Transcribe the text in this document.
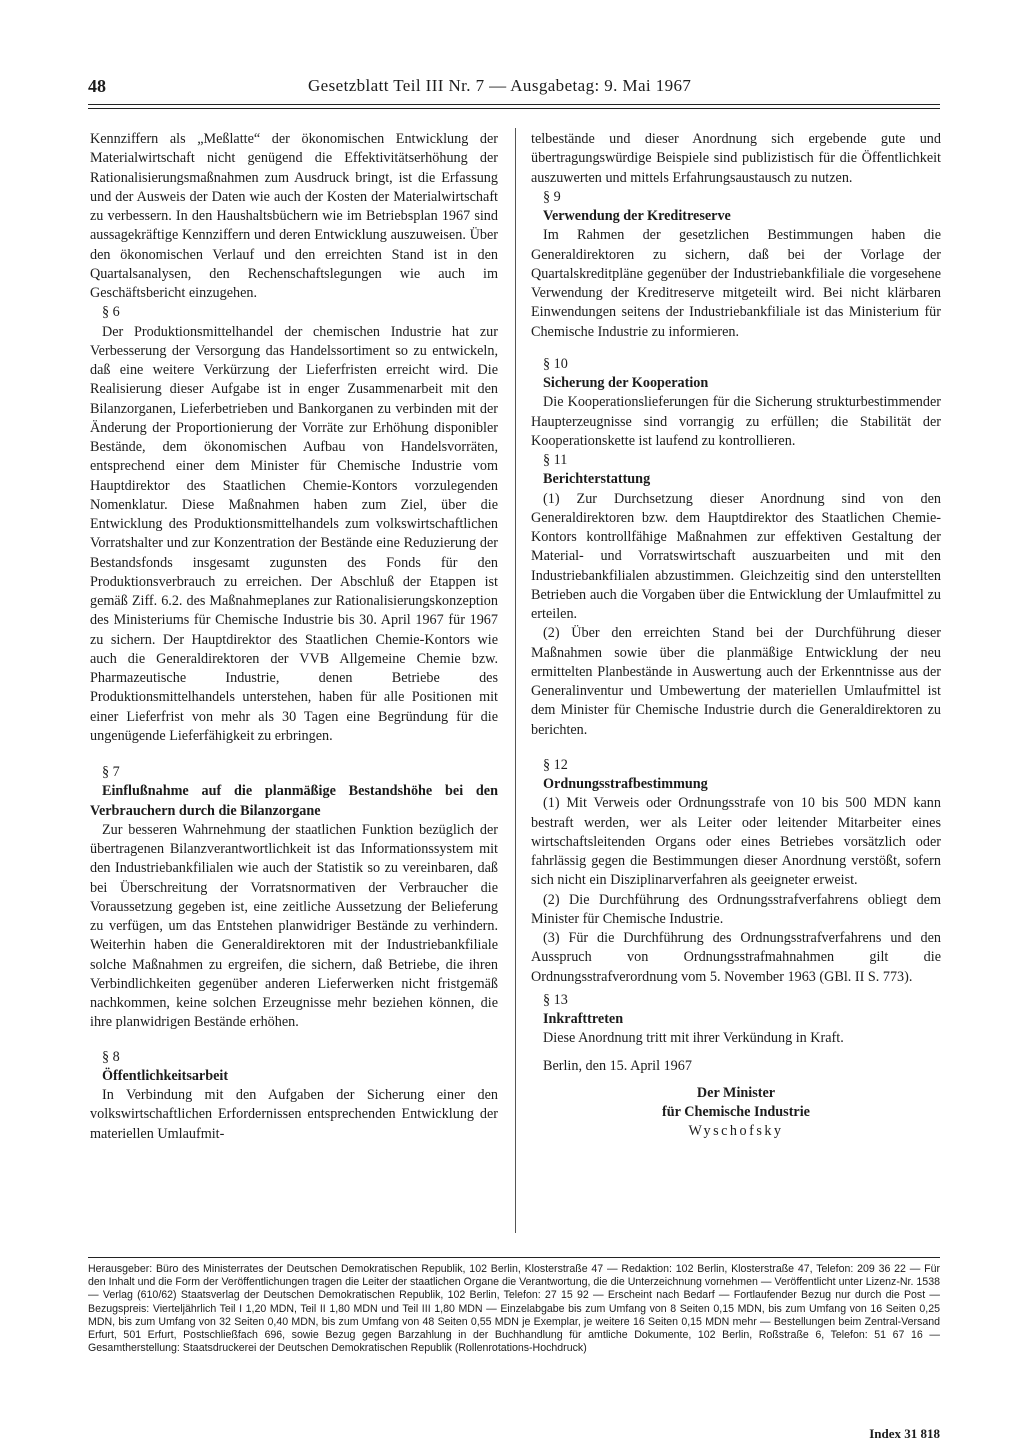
48	Gesetzblatt Teil III Nr. 7 — Ausgabetag: 9. Mai 1967

Kennziffern als „Meßlatte“ der ökonomischen Entwicklung der Materialwirtschaft nicht genügend die Effektivitätserhöhung der Rationalisierungsmaßnahmen zum Ausdruck bringt, ist die Erfassung und der Ausweis der Daten wie auch der Kosten der Materialwirtschaft zu verbessern. In den Haushaltsbüchern wie im Betriebsplan 1967 sind aussagekräftige Kennziffern und deren Entwicklung auszuweisen. Über den ökonomischen Verlauf und den erreichten Stand ist in den Quartalsanalysen, den Rechenschaftslegungen wie auch im Geschäftsbericht einzugehen.

§ 6

Der Produktionsmittelhandel der chemischen Industrie hat zur Verbesserung der Versorgung das Handelssortiment so zu entwickeln, daß eine weitere Verkürzung der Lieferfristen erreicht wird. Die Realisierung dieser Aufgabe ist in enger Zusammenarbeit mit den Bilanzorganen, Lieferbetrieben und Bankorganen zu verbinden mit der Änderung der Proportionierung der Vorräte zur Erhöhung disponibler Bestände, dem ökonomischen Aufbau von Handelsvorräten, entsprechend einer dem Minister für Chemische Industrie vom Hauptdirektor des Staatlichen Chemie-Kontors vorzulegenden Nomenklatur. Diese Maßnahmen haben zum Ziel, über die Entwicklung des Produktionsmittelhandels zum volkswirtschaftlichen Vorratshalter und zur Konzentration der Bestände eine Reduzierung der Bestandsfonds insgesamt zugunsten des Fonds für den Produktionsverbrauch zu erreichen. Der Abschluß der Etappen ist gemäß Ziff. 6.2. des Maßnahmeplanes zur Rationalisierungskonzeption des Ministeriums für Chemische Industrie bis 30. April 1967 für 1967 zu sichern. Der Hauptdirektor des Staatlichen Chemie-Kontors wie auch die Generaldirektoren der VVB Allgemeine Chemie bzw. Pharmazeutische Industrie, denen Betriebe des Produktionsmittelhandels unterstehen, haben für alle Positionen mit einer Lieferfrist von mehr als 30 Tagen eine Begründung für die ungenügende Lieferfähigkeit zu erbringen.

§ 7

Einflußnahme auf die planmäßige Bestandshöhe bei den Verbrauchern durch die Bilanzorgane

Zur besseren Wahrnehmung der staatlichen Funktion bezüglich der übertragenen Bilanzverantwortlichkeit ist das Informationssystem mit den Industriebankfilialen wie auch der Statistik so zu vereinbaren, daß bei Überschreitung der Vorratsnormativen der Verbraucher die Voraussetzung gegeben ist, eine zeitliche Aussetzung der Belieferung zu verfügen, um das Entstehen planwidriger Bestände zu verhindern. Weiterhin haben die Generaldirektoren mit der Industriebankfiliale solche Maßnahmen zu ergreifen, die sichern, daß Betriebe, die ihren Verbindlichkeiten gegenüber anderen Lieferwerken nicht fristgemäß nachkommen, keine solchen Erzeugnisse mehr beziehen können, die ihre planwidrigen Bestände erhöhen.

§ 8

Öffentlichkeitsarbeit

In Verbindung mit den Aufgaben der Sicherung einer den volkswirtschaftlichen Erfordernissen entsprechenden Entwicklung der materiellen Umlaufmit-

telbestände und dieser Anordnung sich ergebende gute und übertragungswürdige Beispiele sind publizistisch für die Öffentlichkeit auszuwerten und mittels Erfahrungsaustausch zu nutzen.

§ 9

Verwendung der Kreditreserve

Im Rahmen der gesetzlichen Bestimmungen haben die Generaldirektoren zu sichern, daß bei der Vorlage der Quartalskreditpläne gegenüber der Industriebankfiliale die vorgesehene Verwendung der Kreditreserve mitgeteilt wird. Bei nicht klärbaren Einwendungen seitens der Industriebankfiliale ist das Ministerium für Chemische Industrie zu informieren.

§ 10

Sicherung der Kooperation

Die Kooperationslieferungen für die Sicherung strukturbestimmender Haupterzeugnisse sind vorrangig zu erfüllen; die Stabilität der Kooperationskette ist laufend zu kontrollieren.

§ 11

Berichterstattung

(1) Zur Durchsetzung dieser Anordnung sind von den Generaldirektoren bzw. dem Hauptdirektor des Staatlichen Chemie-Kontors kontrollfähige Maßnahmen zur effektiven Gestaltung der Material- und Vorratswirtschaft auszuarbeiten und mit den Industriebankfilialen abzustimmen. Gleichzeitig sind den unterstellten Betrieben auch die Vorgaben über die Entwicklung der Umlaufmittel zu erteilen.

(2) Über den erreichten Stand bei der Durchführung dieser Maßnahmen sowie über die planmäßige Entwicklung der neu ermittelten Planbestände in Auswertung auch der Erkenntnisse aus der Generalinventur und Umbewertung der materiellen Umlaufmittel ist dem Minister für Chemische Industrie durch die Generaldirektoren zu berichten.

§ 12

Ordnungsstrafbestimmung

(1) Mit Verweis oder Ordnungsstrafe von 10 bis 500 MDN kann bestraft werden, wer als Leiter oder leitender Mitarbeiter eines wirtschaftsleitenden Organs oder eines Betriebes vorsätzlich oder fahrlässig gegen die Bestimmungen dieser Anordnung verstößt, sofern sich nicht ein Disziplinarverfahren als geeigneter erweist.

(2) Die Durchführung des Ordnungsstrafverfahrens obliegt dem Minister für Chemische Industrie.

(3) Für die Durchführung des Ordnungsstrafverfahrens und den Ausspruch von Ordnungsstrafmahnahmen gilt die Ordnungsstrafverordnung vom 5. November 1963 (GBl. II S. 773).

§ 13

Inkrafttreten

Diese Anordnung tritt mit ihrer Verkündung in Kraft.

Berlin, den 15. April 1967

Der Minister

für Chemische Industrie

Wyschofsky

Herausgeber: Büro des Ministerrates der Deutschen Demokratischen Republik, 102 Berlin, Klosterstraße 47 — Redaktion: 102 Berlin, Klosterstraße 47, Telefon: 209 36 22 — Für den Inhalt und die Form der Veröffentlichungen tragen die Leiter der staatlichen Organe die Verantwortung, die die Unterzeichnung vornehmen — Veröffentlicht unter Lizenz-Nr. 1538 — Verlag (610/62) Staatsverlag der Deutschen Demokratischen Republik, 102 Berlin, Telefon: 27 15 92 — Erscheint nach Bedarf — Fortlaufender Bezug nur durch die Post — Bezugspreis: Vierteljährlich Teil I 1,20 MDN, Teil II 1,80 MDN und Teil III 1,80 MDN — Einzelabgabe bis zum Umfang von 8 Seiten 0,15 MDN, bis zum Umfang von 16 Seiten 0,25 MDN, bis zum Umfang von 32 Seiten 0,40 MDN, bis zum Umfang von 48 Seiten 0,55 MDN je Exemplar, je weitere 16 Seiten 0,15 MDN mehr — Bestellungen beim Zentral-Versand Erfurt, 501 Erfurt, Postschließfach 696, sowie Bezug gegen Barzahlung in der Buchhandlung für amtliche Dokumente, 102 Berlin, Roßstraße 6, Telefon: 51 67 16 — Gesamtherstellung: Staatsdruckerei der Deutschen Demokratischen Republik (Rollenrotations-Hochdruck)

Index 31 818
